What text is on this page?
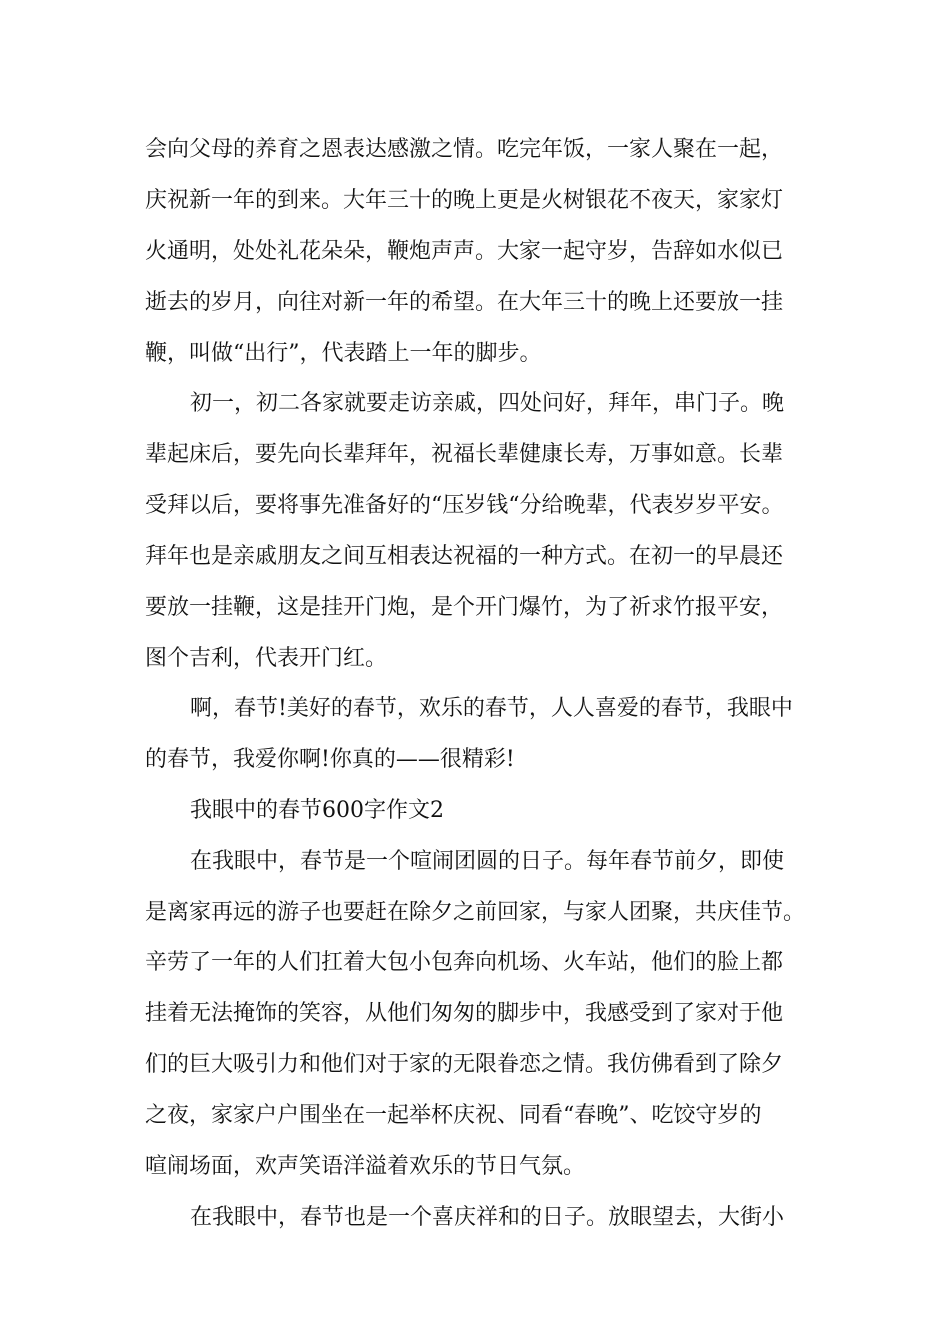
会向父母的养育之恩表达感激之情。吃完年饭，一家人聚在一起，

庆祝新一年的到来。大年三十的晚上更是火树银花不夜天，家家灯

火通明，处处礼花朵朵，鞭炮声声。大家一起守岁，告辞如水似已

逝去的岁月，向往对新一年的希望。在大年三十的晚上还要放一挂

鞭，叫做“出行”，代表踏上一年的脚步。

初一，初二各家就要走访亲戚，四处问好，拜年，串门子。晚

辈起床后，要先向长辈拜年，祝福长辈健康长寿，万事如意。长辈

受拜以后，要将事先准备好的“压岁钱“分给晚辈，代表岁岁平安。

拜年也是亲戚朋友之间互相表达祝福的一种方式。在初一的早晨还

要放一挂鞭，这是挂开门炮，是个开门爆竹，为了祈求竹报平安，

图个吉利，代表开门红。

啊，春节!美好的春节，欢乐的春节，人人喜爱的春节，我眼中

的春节，我爱你啊!你真的——很精彩!

我眼中的春节600字作文2

在我眼中，春节是一个喧闹团圆的日子。每年春节前夕，即使

是离家再远的游子也要赶在除夕之前回家，与家人团聚，共庆佳节。

辛劳了一年的人们扛着大包小包奔向机场、火车站，他们的脸上都

挂着无法掩饰的笑容，从他们匆匆的脚步中，我感受到了家对于他

们的巨大吸引力和他们对于家的无限眷恋之情。我仿佛看到了除夕

之夜，家家户户围坐在一起举杯庆祝、同看“春晚”、吃饺守岁的

喧闹场面，欢声笑语洋溢着欢乐的节日气氛。

在我眼中，春节也是一个喜庆祥和的日子。放眼望去，大街小
